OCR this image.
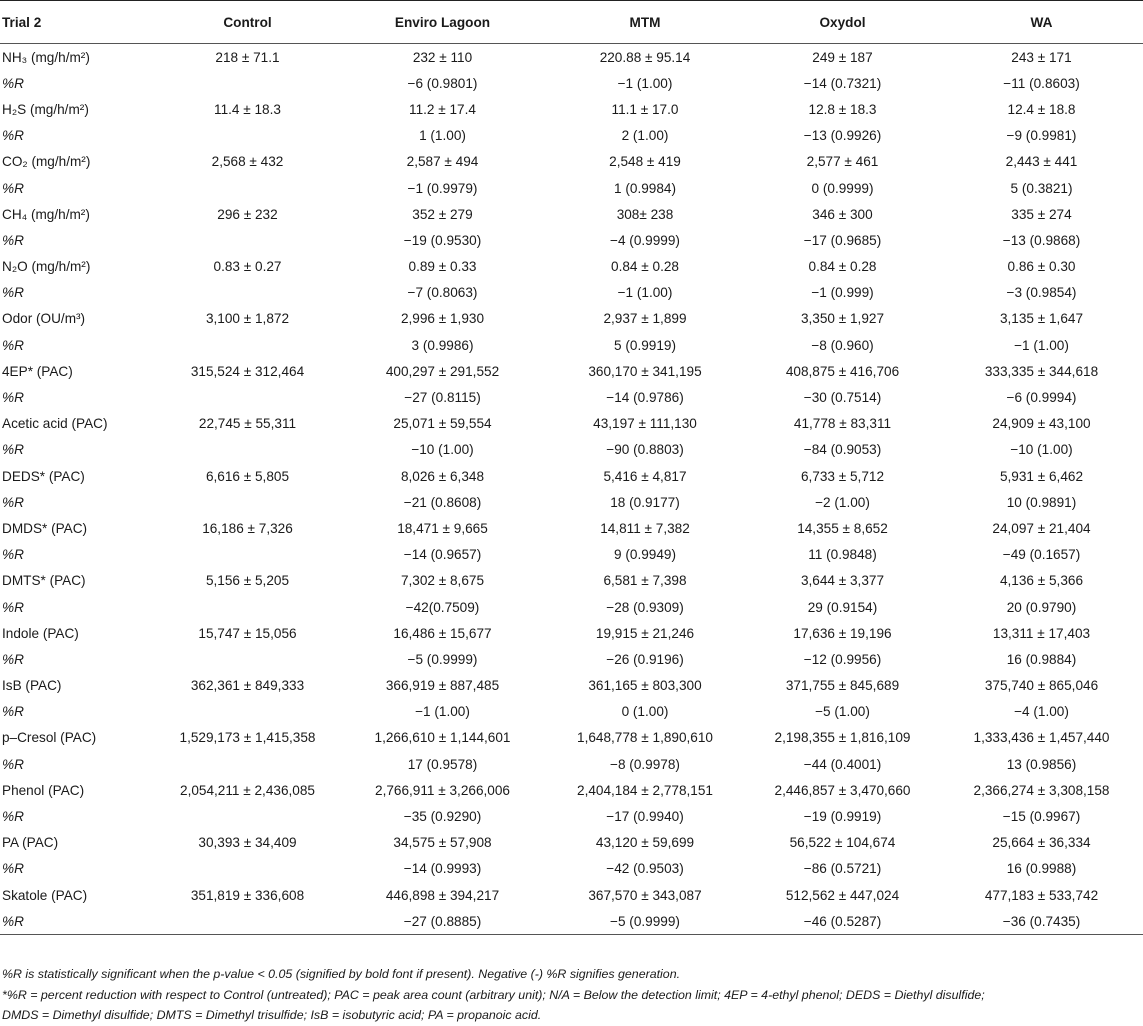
Trial 2	Control	Enviro Lagoon	MTM	Oxydol	WA
NH₃ (mg/h/m²)	218 ± 71.1	232 ± 110	220.88 ± 95.14	249 ± 187	243 ± 171
%R		−6 (0.9801)	−1 (1.00)	−14 (0.7321)	−11 (0.8603)
H₂S (mg/h/m²)	11.4 ± 18.3	11.2 ± 17.4	11.1 ± 17.0	12.8 ± 18.3	12.4 ± 18.8
%R		1 (1.00)	2 (1.00)	−13 (0.9926)	−9 (0.9981)
CO₂ (mg/h/m²)	2,568 ± 432	2,587 ± 494	2,548 ± 419	2,577 ± 461	2,443 ± 441
%R		−1 (0.9979)	1 (0.9984)	0 (0.9999)	5 (0.3821)
CH₄ (mg/h/m²)	296 ± 232	352 ± 279	308± 238	346 ± 300	335 ± 274
%R		−19 (0.9530)	−4 (0.9999)	−17 (0.9685)	−13 (0.9868)
N₂O (mg/h/m²)	0.83 ± 0.27	0.89 ± 0.33	0.84 ± 0.28	0.84 ± 0.28	0.86 ± 0.30
%R		−7 (0.8063)	−1 (1.00)	−1 (0.999)	−3 (0.9854)
Odor (OU/m³)	3,100 ± 1,872	2,996 ± 1,930	2,937 ± 1,899	3,350 ± 1,927	3,135 ± 1,647
%R		3 (0.9986)	5 (0.9919)	−8 (0.960)	−1 (1.00)
4EP* (PAC)	315,524 ± 312,464	400,297 ± 291,552	360,170 ± 341,195	408,875 ± 416,706	333,335 ± 344,618
%R		−27 (0.8115)	−14 (0.9786)	−30 (0.7514)	−6 (0.9994)
Acetic acid (PAC)	22,745 ± 55,311	25,071 ± 59,554	43,197 ± 111,130	41,778 ± 83,311	24,909 ± 43,100
%R		−10 (1.00)	−90 (0.8803)	−84 (0.9053)	−10 (1.00)
DEDS* (PAC)	6,616 ± 5,805	8,026 ± 6,348	5,416 ± 4,817	6,733 ± 5,712	5,931 ± 6,462
%R		−21 (0.8608)	18 (0.9177)	−2 (1.00)	10 (0.9891)
DMDS* (PAC)	16,186 ± 7,326	18,471 ± 9,665	14,811 ± 7,382	14,355 ± 8,652	24,097 ± 21,404
%R		−14 (0.9657)	9 (0.9949)	11 (0.9848)	−49 (0.1657)
DMTS* (PAC)	5,156 ± 5,205	7,302 ± 8,675	6,581 ± 7,398	3,644 ± 3,377	4,136 ± 5,366
%R		−42(0.7509)	−28 (0.9309)	29 (0.9154)	20 (0.9790)
Indole (PAC)	15,747 ± 15,056	16,486 ± 15,677	19,915 ± 21,246	17,636 ± 19,196	13,311 ± 17,403
%R		−5 (0.9999)	−26 (0.9196)	−12 (0.9956)	16 (0.9884)
IsB (PAC)	362,361 ± 849,333	366,919 ± 887,485	361,165 ± 803,300	371,755 ± 845,689	375,740 ± 865,046
%R		−1 (1.00)	0 (1.00)	−5 (1.00)	−4 (1.00)
p–Cresol (PAC)	1,529,173 ± 1,415,358	1,266,610 ± 1,144,601	1,648,778 ± 1,890,610	2,198,355 ± 1,816,109	1,333,436 ± 1,457,440
%R		17 (0.9578)	−8 (0.9978)	−44 (0.4001)	13 (0.9856)
Phenol (PAC)	2,054,211 ± 2,436,085	2,766,911 ± 3,266,006	2,404,184 ± 2,778,151	2,446,857 ± 3,470,660	2,366,274 ± 3,308,158
%R		−35 (0.9290)	−17 (0.9940)	−19 (0.9919)	−15 (0.9967)
PA (PAC)	30,393 ± 34,409	34,575 ± 57,908	43,120 ± 59,699	56,522 ± 104,674	25,664 ± 36,334
%R		−14 (0.9993)	−42 (0.9503)	−86 (0.5721)	16 (0.9988)
Skatole (PAC)	351,819 ± 336,608	446,898 ± 394,217	367,570 ± 343,087	512,562 ± 447,024	477,183 ± 533,742
%R		−27 (0.8885)	−5 (0.9999)	−46 (0.5287)	−36 (0.7435)

%R is statistically significant when the p-value < 0.05 (signified by bold font if present). Negative (-) %R signifies generation.

*%R = percent reduction with respect to Control (untreated); PAC = peak area count (arbitrary unit); N/A = Below the detection limit; 4EP = 4-ethyl phenol; DEDS = Diethyl disulfide;

DMDS = Dimethyl disulfide; DMTS = Dimethyl trisulfide; IsB = isobutyric acid; PA = propanoic acid.
